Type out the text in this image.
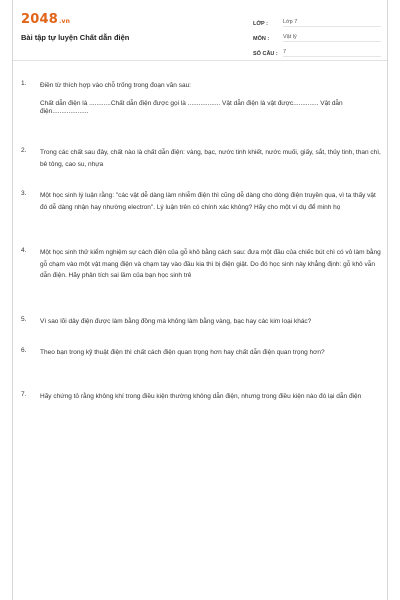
2048.vn
Bài tập tự luyện Chất dẫn điện
LỚP :	Lớp 7
MÔN :	Vật lý
SỐ CÂU : 7
1. Điền từ thích hợp vào chỗ trống trong đoạn văn sau:
Chất dẫn điện là ............Chất dẫn điện được gọi là .................. Vật dẫn điện là vật được.............. Vật dẫn điện....................
2. Trong các chất sau đây, chất nào là chất dẫn điện: vàng, bạc, nước tinh khiết, nước muối, giấy, sắt, thủy tinh, than chì, bê tông, cao su, nhựa
3. Một học sinh lý luận rằng: "các vật dễ dàng làm nhiễm điện thì cũng dễ dàng cho dòng điện truyền qua, vì ta thấy vật đó dễ dàng nhận hay nhường electron". Lý luận trên có chính xác không? Hãy cho một ví dụ để minh họ
4. Một học sinh thử kiểm nghiệm sự cách điện của gỗ khô bằng cách sau: đưa một đầu của chiếc bút chì có vỏ làm bằng gỗ chạm vào một vật mang điện và chạm tay vào đầu kia thì bị điện giật. Do đó học sinh này khẳng định: gỗ khô vẫn dẫn điện. Hãy phân tích sai lầm của bạn học sinh trê
5. Vì sao lõi dây điện được làm bằng đồng mà không làm bằng vàng, bạc hay các kim loại khác?
6. Theo bạn trong kỹ thuật điện thì chất cách điện quan trọng hơn hay chất dẫn điện quan trọng hơn?
7. Hãy chứng tỏ rằng không khí trong điều kiện thường không dẫn điện, nhưng trong điều kiện nào đó lại dẫn điện
